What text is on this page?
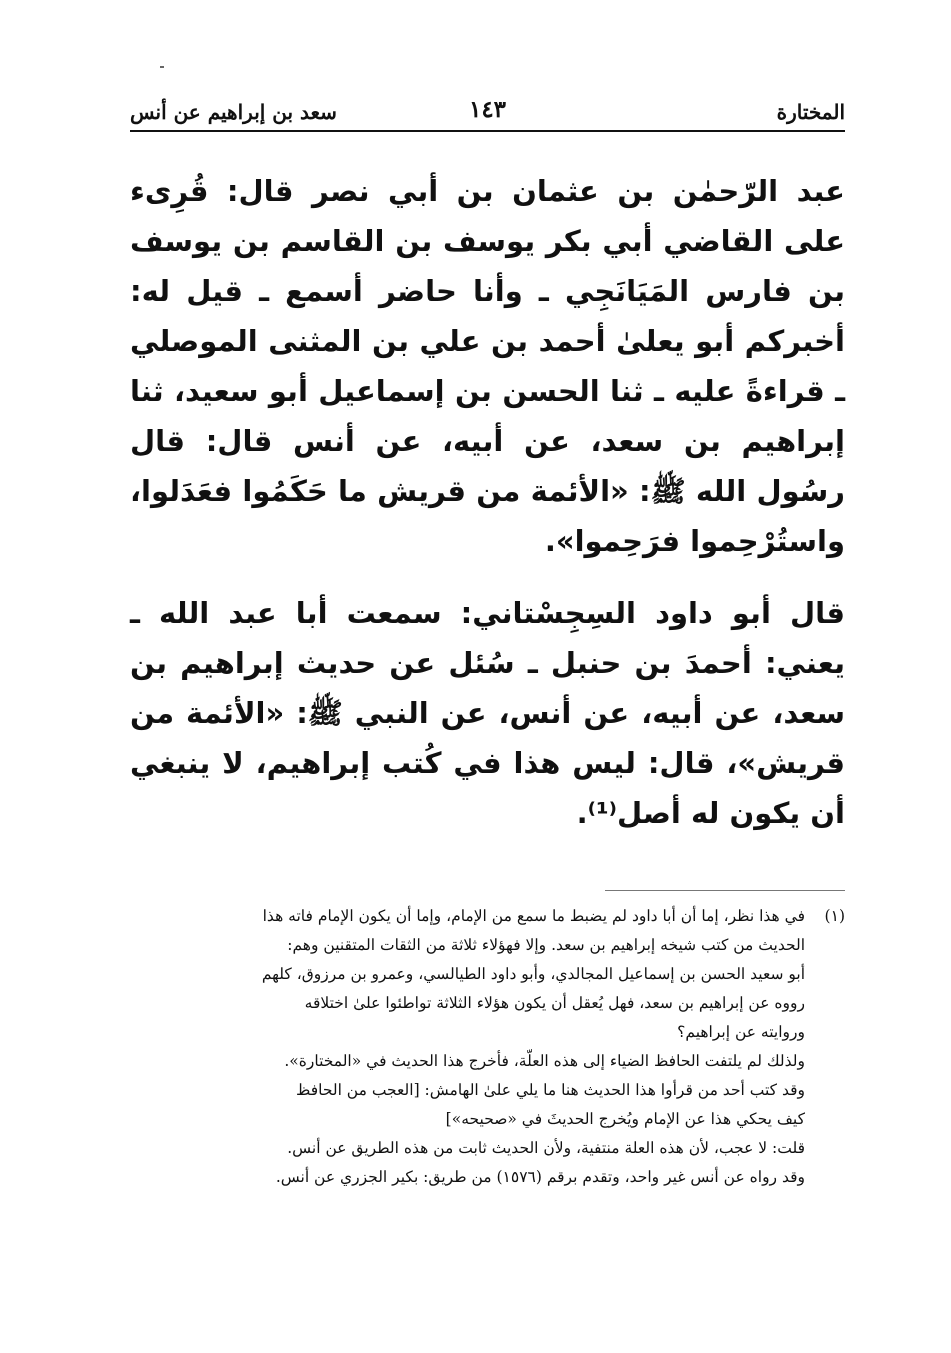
المختارة
١٤٣
سعد بن إبراهيم عن أنس

عبد الرّحمٰن بن عثمان بن أبي نصر قال: قُرِىء على القاضي أبي بكر يوسف بن القاسم بن يوسف بن فارس المَيَانَجِي ـ وأنا حاضر أسمع ـ قيل له: أخبركم أبو يعلىٰ أحمد بن علي بن المثنى الموصلي ـ قراءةً عليه ـ ثنا الحسن بن إسماعيل أبو سعيد، ثنا إبراهيم بن سعد، عن أبيه، عن أنس قال: قال رسُول الله ﷺ: «الأئمة من قريش ما حَكَمُوا فعَدَلوا، واستُرْحِموا فرَحِموا».

قال أبو داود السِجِسْتاني: سمعت أبا عبد الله ـ يعني: أحمدَ بن حنبل ـ سُئل عن حديث إبراهيم بن سعد، عن أبيه، عن أنس، عن النبي ﷺ: «الأئمة من قريش»، قال: ليس هذا في كُتب إبراهيم، لا ينبغي أن يكون له أصل⁽¹⁾.

(١)
في هذا نظر، إما أن أبا داود لم يضبط ما سمع من الإمام، وإما أن يكون الإمام فاته هذا

الحديث من كتب شيخه إبراهيم بن سعد. وإلا فهؤلاء ثلاثة من الثقات المتقنين وهم:

أبو سعيد الحسن بن إسماعيل المجالدي، وأبو داود الطيالسي، وعمرو بن مرزوق، كلهم

رووه عن إبراهيم بن سعد، فهل يُعقل أن يكون هؤلاء الثلاثة تواطئوا علىٰ اختلاقه

وروايته عن إبراهيم؟

ولذلك لم يلتفت الحافظ الضياء إلى هذه العلّة، فأخرج هذا الحديث في «المختارة».

وقد كتب أحد من قرأوا هذا الحديث هنا ما يلي علىٰ الهامش: [العجب من الحافظ

كيف يحكي هذا عن الإمام ويُخرج الحديثَ في «صحيحه»]

قلت: لا عجب، لأن هذه العلة منتفية، ولأن الحديث ثابت من هذه الطريق عن أنس.

وقد رواه عن أنس غير واحد، وتقدم برقم (١٥٧٦) من طريق: بكير الجزري عن أنس.
